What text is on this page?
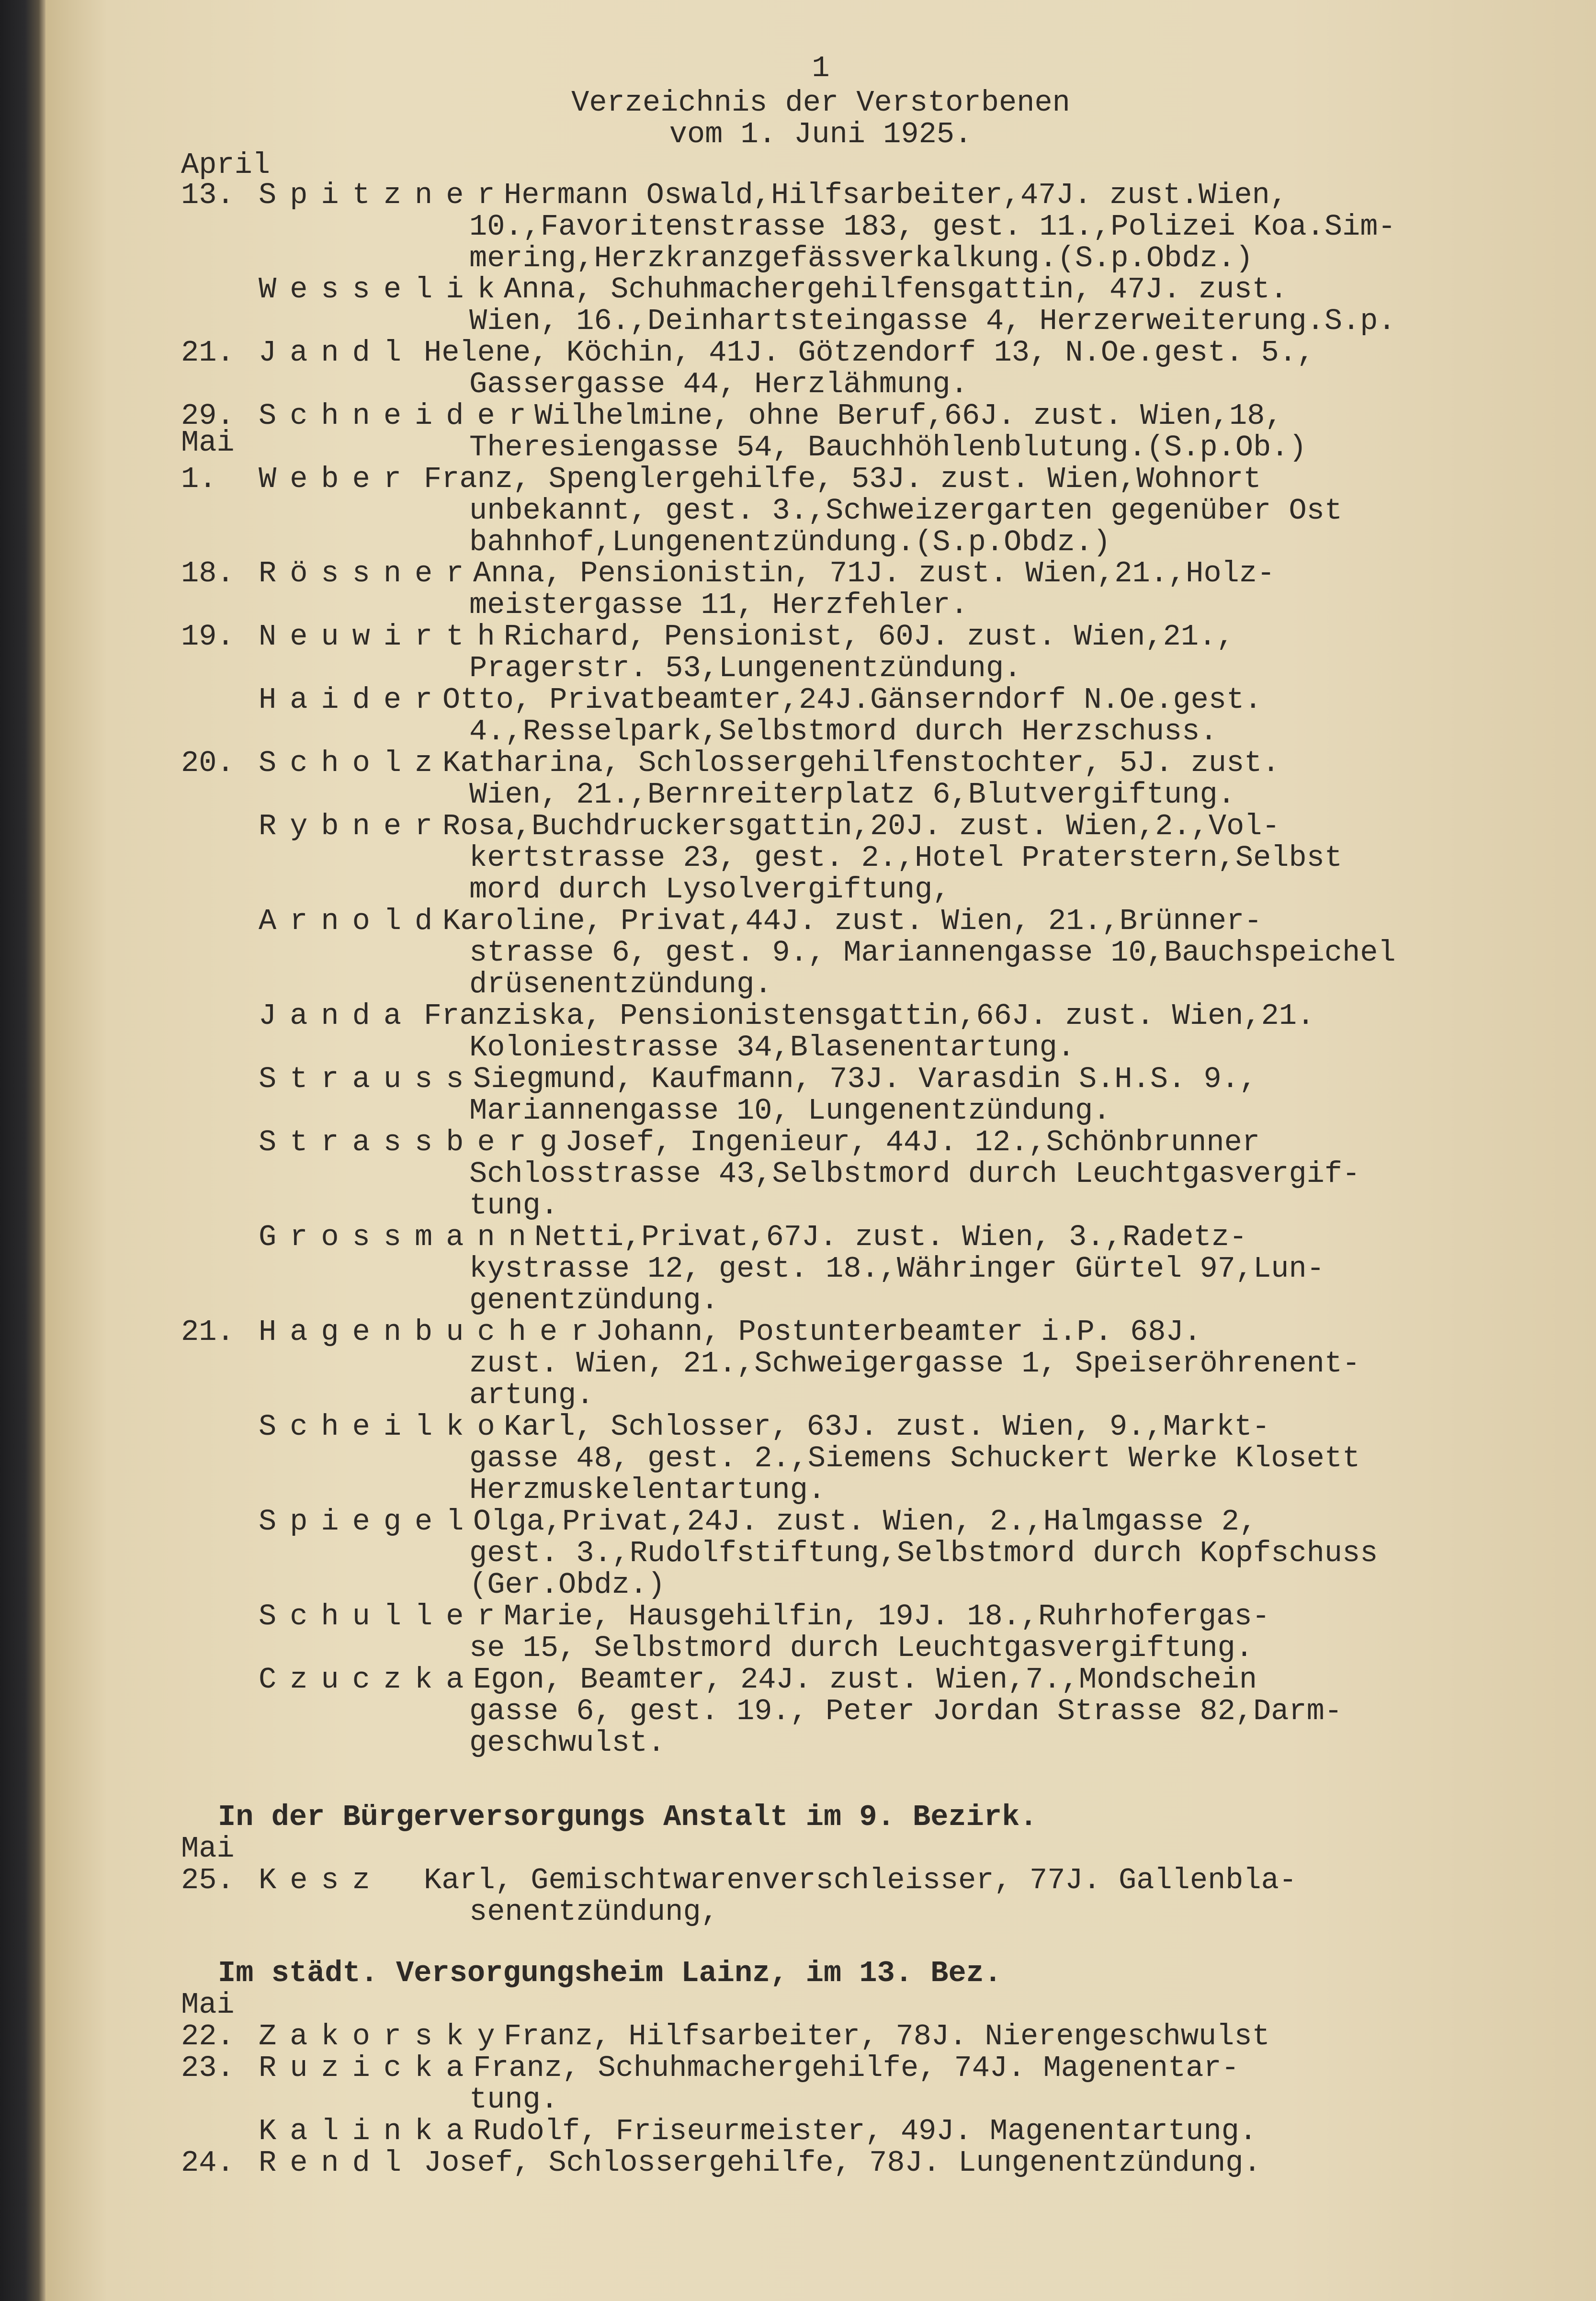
1
Verzeichnis der Verstorbenen
vom 1. Juni 1925.
April
Mai
Mai
Mai
13. Spitzner
Hermann Oswald,Hilfsarbeiter,47J. zust.Wien,
10.,Favoritenstrasse 183, gest. 11.,Polizei Koa.Sim-
mering,Herzkranzgefässverkalkung.(S.p.Obdz.)
Wesselik
Anna, Schuhmachergehilfensgattin, 47J. zust.
Wien, 16.,Deinhartsteingasse 4, Herzerweiterung.S.p.
21. Jandl Helene, Köchin, 41J. Götzendorf 13, N.Oe.gest. 5.,
Gassergasse 44, Herzlähmung.
29. Schneider
Wilhelmine, ohne Beruf,66J. zust. Wien,18,
Theresiengasse 54, Bauchhöhlenblutung.(S.p.Ob.)
1. Weber Franz, Spenglergehilfe, 53J. zust. Wien,Wohnort
unbekannt, gest. 3.,Schweizergarten gegenüber Ost
bahnhof,Lungenentzündung.(S.p.Obdz.)
18. Rössner
Anna, Pensionistin, 71J. zust. Wien,21.,Holz-
meistergasse 11, Herzfehler.
19. Neuwirth
Richard, Pensionist, 60J. zust. Wien,21.,
Pragerstr. 53,Lungenentzündung.
Haider
Otto, Privatbeamter,24J.Gänserndorf N.Oe.gest.
4.,Resselpark,Selbstmord durch Herzschuss.
20. Scholz
Katharina, Schlossergehilfenstochter, 5J. zust.
Wien, 21.,Bernreiterplatz 6,Blutvergiftung.
Rybner
Rosa,Buchdruckersgattin,20J. zust. Wien,2.,Vol-
kertstrasse 23, gest. 2.,Hotel Praterstern,Selbst
mord durch Lysolvergiftung,
Arnold
Karoline, Privat,44J. zust. Wien, 21.,Brünner-
strasse 6, gest. 9., Mariannengasse 10,Bauchspeichel
drüsenentzündung.
Janda Franziska, Pensionistensgattin,66J. zust. Wien,21.
Koloniestrasse 34,Blasenentartung.
Strauss
Siegmund, Kaufmann, 73J. Varasdin S.H.S. 9.,
Mariannengasse 10, Lungenentzündung.
Strassberg
Josef, Ingenieur, 44J. 12.,Schönbrunner
Schlosstrasse 43,Selbstmord durch Leuchtgasvergif-
tung.
Grossmann
Netti,Privat,67J. zust. Wien, 3.,Radetz-
kystrasse 12, gest. 18.,Währinger Gürtel 97,Lun-
genentzündung.
21. Hagenbucher
Johann, Postunterbeamter i.P. 68J.
zust. Wien, 21.,Schweigergasse 1, Speiseröhrenent-
artung.
Scheilko
Karl, Schlosser, 63J. zust. Wien, 9.,Markt-
gasse 48, gest. 2.,Siemens Schuckert Werke Klosett
Herzmuskelentartung.
Spiegel
Olga,Privat,24J. zust. Wien, 2.,Halmgasse 2,
gest. 3.,Rudolfstiftung,Selbstmord durch Kopfschuss
(Ger.Obdz.)
Schuller
Marie, Hausgehilfin, 19J. 18.,Ruhrhofergas-
se 15, Selbstmord durch Leuchtgasvergiftung.
Czuczka
Egon, Beamter, 24J. zust. Wien,7.,Mondschein
gasse 6, gest. 19., Peter Jordan Strasse 82,Darm-
geschwulst.
In der Bürgerversorgungs Anstalt im 9. Bezirk.
25. Kesz Karl, Gemischtwarenverschleisser, 77J. Gallenbla-
senentzündung,
Im städt. Versorgungsheim Lainz, im 13. Bez.
22. Zakorsky
Franz, Hilfsarbeiter, 78J. Nierengeschwulst
23. Ruzicka
Franz, Schuhmachergehilfe, 74J. Magenentar-
tung.
Kalinka
Rudolf, Friseurmeister, 49J. Magenentartung.
24. Rendl Josef, Schlossergehilfe, 78J. Lungenentzündung.
